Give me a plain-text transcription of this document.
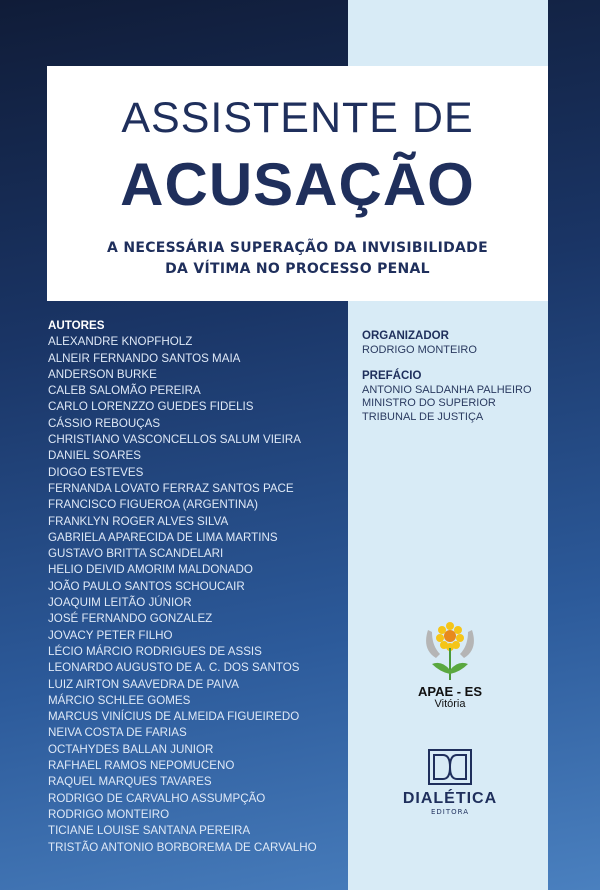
ASSISTENTE DE
ACUSAÇÃO
A NECESSÁRIA SUPERAÇÃO DA INVISIBILIDADE
DA VÍTIMA NO PROCESSO PENAL
AUTORES
ALEXANDRE KNOPFHOLZ
ALNEIR FERNANDO SANTOS MAIA
ANDERSON BURKE
CALEB SALOMÃO PEREIRA
CARLO LORENZZO GUEDES FIDELIS
CÁSSIO REBOUÇAS
CHRISTIANO VASCONCELLOS SALUM VIEIRA
DANIEL SOARES
DIOGO ESTEVES
FERNANDA LOVATO FERRAZ SANTOS PACE
FRANCISCO FIGUEROA (ARGENTINA)
FRANKLYN ROGER ALVES SILVA
GABRIELA APARECIDA DE LIMA MARTINS
GUSTAVO BRITTA SCANDELARI
HELIO DEIVID AMORIM MALDONADO
JOÃO PAULO SANTOS SCHOUCAIR
JOAQUIM LEITÃO JÚNIOR
JOSÉ FERNANDO GONZALEZ
JOVACY PETER FILHO
LÉCIO MÁRCIO RODRIGUES DE ASSIS
LEONARDO AUGUSTO DE A. C. DOS SANTOS
LUIZ AIRTON SAAVEDRA DE PAIVA
MÁRCIO SCHLEE GOMES
MARCUS VINÍCIUS DE ALMEIDA FIGUEIREDO
NEIVA COSTA DE FARIAS
OCTAHYDES BALLAN JUNIOR
RAFHAEL RAMOS NEPOMUCENO
RAQUEL MARQUES TAVARES
RODRIGO DE CARVALHO ASSUMPÇÃO
RODRIGO MONTEIRO
TICIANE LOUISE SANTANA PEREIRA
TRISTÃO ANTONIO BORBOREMA DE CARVALHO
ORGANIZADOR
RODRIGO MONTEIRO
PREFÁCIO
ANTONIO SALDANHA PALHEIRO
MINISTRO DO SUPERIOR
TRIBUNAL DE JUSTIÇA
APAE - ES
Vitória
DIALÉTICA
EDITORA
